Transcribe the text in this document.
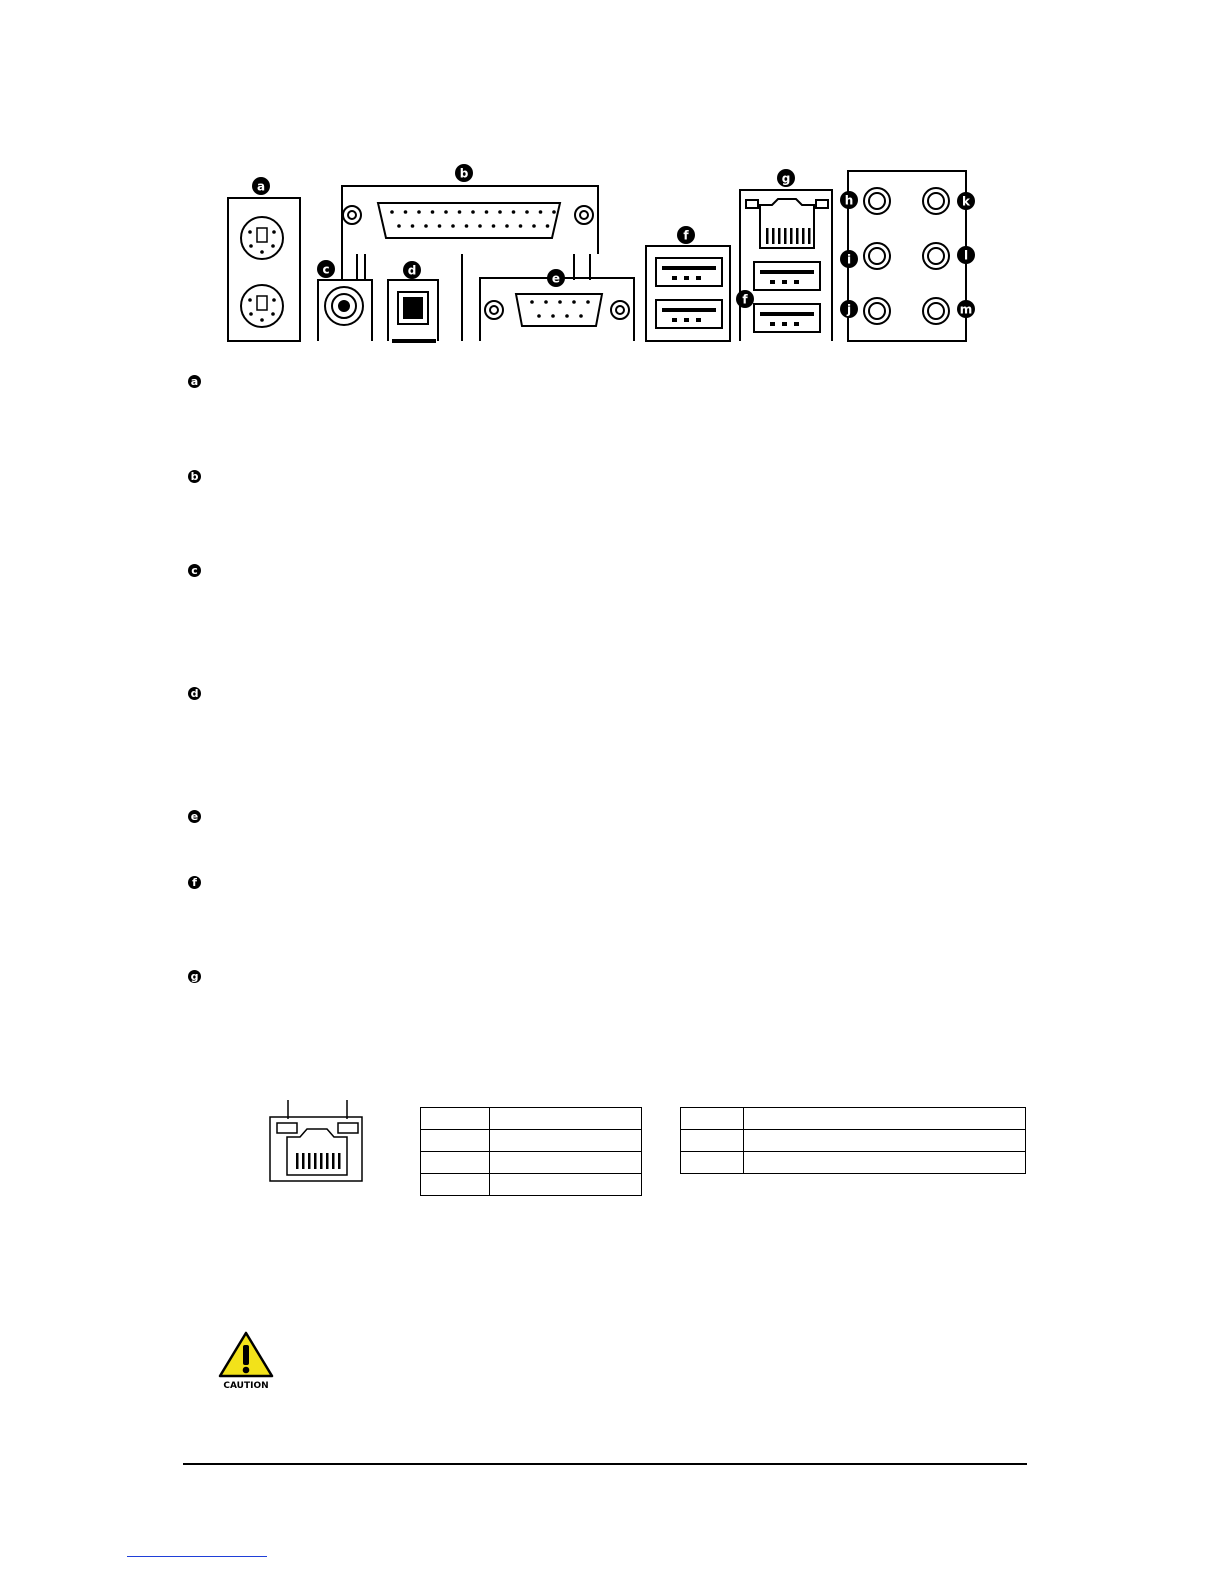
a
b
c	d
e
f
f
g
h
i
j
k
l
m
a
b
c
d
e
f
g

CAUTION
